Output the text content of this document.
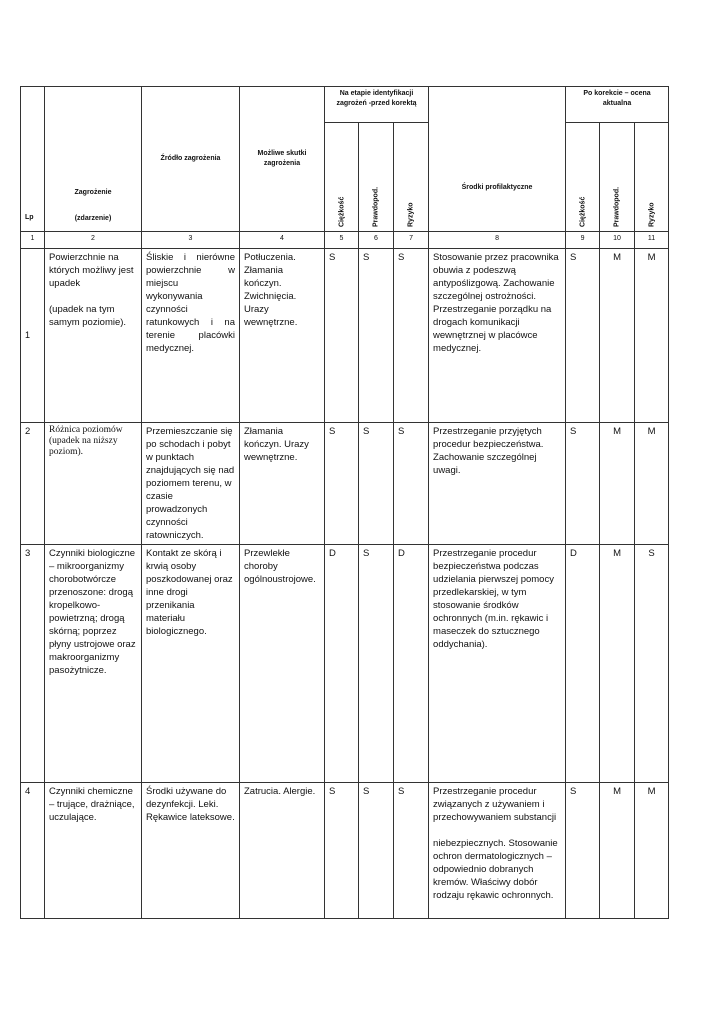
Lp	Zagrożenie
(zdarzenie)	Źródło zagrożenia	Możliwe skutki zagrożenia	Na etapie identyfikacji zagrożeń -przed korektą			Środki profilaktyczne	Po korekcie – ocena aktualna		

				Ciężkość	Prawdopod.	Ryzyko		Ciężkość	Prawdopod.	Ryzyko

1	2	3	4	5	6	7	8	9	10	11
1	Powierzchnie na których możliwy jest upadek
(upadek na tym samym poziomie).	Śliskie i nierówne powierzchnie w miejscu wykonywania czynności ratunkowych i na terenie placówki medycznej.	Potłuczenia. Złamania kończyn. Zwichnięcia. Urazy wewnętrzne.	S	S	S	Stosowanie przez pracownika obuwia z podeszwą antypoślizgową. Zachowanie szczególnej ostrożności. Przestrzeganie porządku na drogach komunikacji wewnętrznej w placówce medycznej.	S	M	M
2	Różnica poziomów (upadek na niższy poziom).	Przemieszczanie się po schodach i pobyt w punktach znajdujących się nad poziomem terenu, w czasie prowadzonych czynności ratowniczych.	Złamania kończyn. Urazy wewnętrzne.	S	S	S	Przestrzeganie przyjętych procedur bezpieczeństwa. Zachowanie szczególnej uwagi.	S	M	M
3	Czynniki biologiczne – mikroorganizmy chorobotwórcze przenoszone: drogą kropelkowo-powietrzną; drogą skórną; poprzez płyny ustrojowe oraz makroorganizmy pasożytnicze.	Kontakt ze skórą i krwią osoby poszkodowanej oraz inne drogi przenikania materiału biologicznego.	Przewlekłe choroby ogólnoustrojowe.	D	S	D	Przestrzeganie procedur bezpieczeństwa podczas udzielania pierwszej pomocy przedlekarskiej, w tym stosowanie środków ochronnych (m.in. rękawic i maseczek do sztucznego oddychania).	D	M	S
4	Czynniki chemiczne – trujące, drażniące, uczulające.	Środki używane do dezynfekcji. Leki. Rękawice lateksowe.	Zatrucia. Alergie.	S	S	S	Przestrzeganie procedur związanych z używaniem i przechowywaniem substancji
niebezpiecznych. Stosowanie ochron dermatologicznych – odpowiednio dobranych kremów. Właściwy dobór rodzaju rękawic ochronnych.	S	M	M
